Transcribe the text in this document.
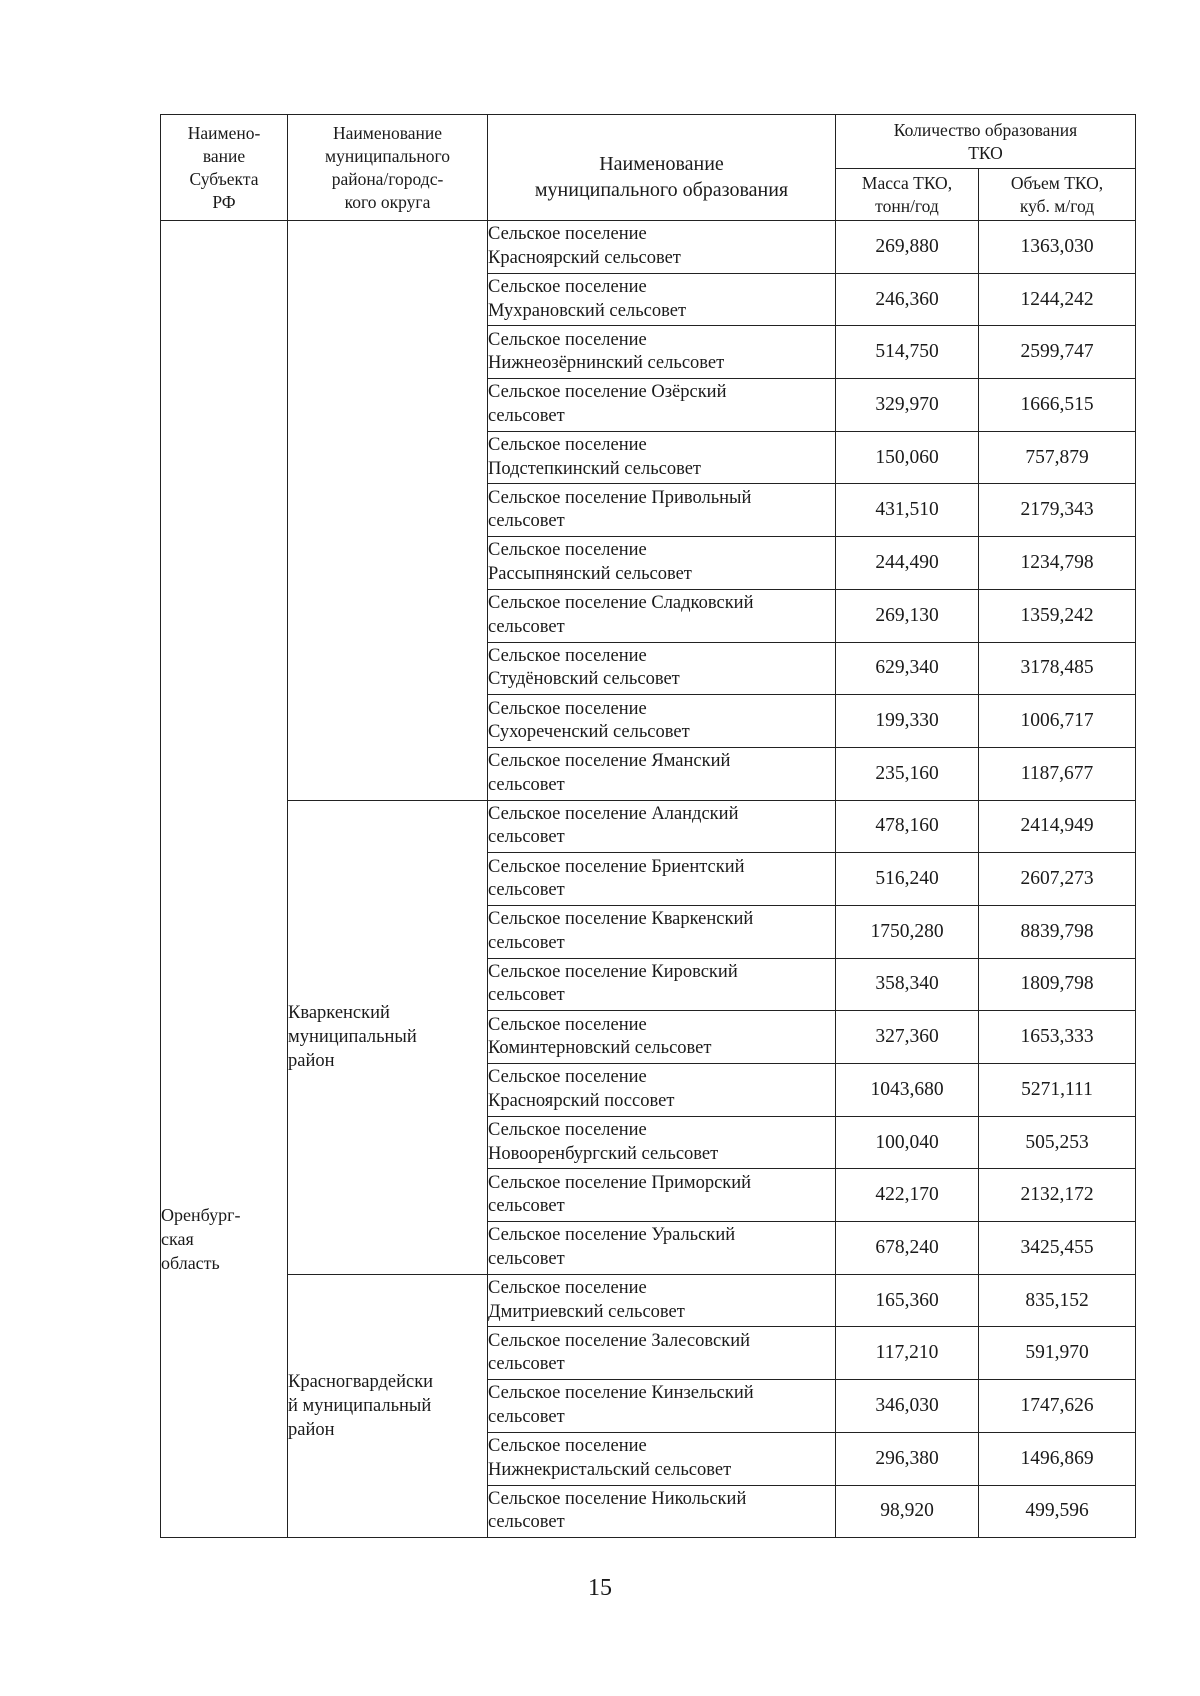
Наимено-
вание
Субъекта
РФ	Наименование
муниципального
района/городс-
кого округа	Наименование
муниципального образования	Количество образования
ТКО	

			Масса ТКО,
тонн/год	Объем ТКО,
куб. м/год

Оренбург-
ская
область		Сельское поселение
Красноярский сельсовет	269,880	1363,030

		Сельское поселение
Мухрановский сельсовет	246,360	1244,242

		Сельское поселение
Нижнеозёрнинский сельсовет	514,750	2599,747

		Сельское поселение Озёрский
сельсовет	329,970	1666,515

		Сельское поселение
Подстепкинский сельсовет	150,060	757,879

		Сельское поселение Привольный
сельсовет	431,510	2179,343

		Сельское поселение
Рассыпнянский сельсовет	244,490	1234,798

		Сельское поселение Сладковский
сельсовет	269,130	1359,242

		Сельское поселение
Студёновский сельсовет	629,340	3178,485

		Сельское поселение
Сухореченский сельсовет	199,330	1006,717

		Сельское поселение Яманский
сельсовет	235,160	1187,677

	Кваркенский
муниципальный
район	Сельское поселение Аландский
сельсовет	478,160	2414,949

		Сельское поселение Бриентский
сельсовет	516,240	2607,273

		Сельское поселение Кваркенский
сельсовет	1750,280	8839,798

		Сельское поселение Кировский
сельсовет	358,340	1809,798

		Сельское поселение
Коминтерновский сельсовет	327,360	1653,333

		Сельское поселение
Красноярский поссовет	1043,680	5271,111

		Сельское поселение
Новооренбургский сельсовет	100,040	505,253

		Сельское поселение Приморский
сельсовет	422,170	2132,172

		Сельское поселение Уральский
сельсовет	678,240	3425,455

	Красногвардейски
й муниципальный
район	Сельское поселение
Дмитриевский сельсовет	165,360	835,152

		Сельское поселение Залесовский
сельсовет	117,210	591,970

		Сельское поселение Кинзельский
сельсовет	346,030	1747,626

		Сельское поселение
Нижнекристальский сельсовет	296,380	1496,869

		Сельское поселение Никольский
сельсовет	98,920	499,596
15
